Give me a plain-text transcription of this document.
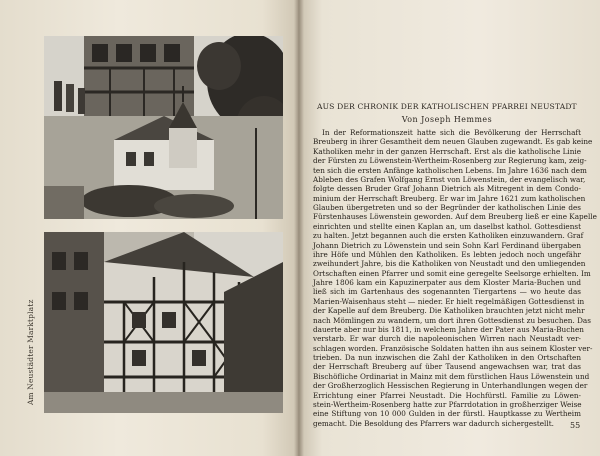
Am Neustädter Marktplatz
AUS DER CHRONIK DER KATHOLISCHEN PFARREI NEUSTADT
Von Joseph Hemmes
In der Reformationszeit hatte sich die Bevölkerung der Herrschaft
Breuberg in ihrer Gesamtheit dem neuen Glauben zugewandt. Es gab keine
Katholiken mehr in der ganzen Herrschaft. Erst als die katholische Linie
der Fürsten zu Löwenstein-Wertheim-Rosenberg zur Regierung kam, zeig-
ten sich die ersten Anfänge katholischen Lebens. Im Jahre 1636 nach dem
Ableben des Grafen Wolfgang Ernst von Löwenstein, der evangelisch war,
folgte dessen Bruder Graf Johann Dietrich als Mitregent in dem Condo-
minium der Herrschaft Breuberg. Er war im Jahre 1621 zum katholischen
Glauben übergetreten und so der Begründer der katholischen Linie des
Fürstenhauses Löwenstein geworden. Auf dem Breuberg ließ er eine Kapelle
einrichten und stellte einen Kaplan an, um daselbst kathol. Gottesdienst
zu halten. Jetzt begannen auch die ersten Katholiken einzuwandern. Graf
Johann Dietrich zu Löwenstein und sein Sohn Karl Ferdinand übergaben
ihre Höfe und Mühlen den Katholiken. Es lebten jedoch noch ungefähr
zweihundert Jahre, bis die Katholiken von Neustadt und den umliegenden
Ortschaften einen Pfarrer und somit eine geregelte Seelsorge erhielten. Im
Jahre 1806 kam ein Kapuzinerpater aus dem Kloster Maria-Buchen und
ließ sich im Gartenhaus des sogenannten Tiergartens — wo heute das
Marien-Waisenhaus steht — nieder. Er hielt regelmäßigen Gottesdienst in
der Kapelle auf dem Breuberg. Die Katholiken brauchten jetzt nicht mehr
nach Mömlingen zu wandern, um dort ihren Gottesdienst zu besuchen. Das
dauerte aber nur bis 1811, in welchem Jahre der Pater aus Maria-Buchen
verstarb. Er war durch die napoleonischen Wirren nach Neustadt ver-
schlagen worden. Französische Soldaten hatten ihn aus seinem Kloster ver-
trieben. Da nun inzwischen die Zahl der Katholiken in den Ortschaften
der Herrschaft Breuberg auf über Tausend angewachsen war, trat das
Bischöfliche Ordinariat in Mainz mit dem fürstlichen Haus Löwenstein und
der Großherzoglich Hessischen Regierung in Unterhandlungen wegen der
Errichtung einer Pfarrei Neustadt. Die Hochfürstl. Familie zu Löwen-
stein-Wertheim-Rosenberg hatte zur Pfarrdotation in großherziger Weise
eine Stiftung von 10 000 Gulden in der fürstl. Hauptkasse zu Wertheim
gemacht. Die Besoldung des Pfarrers war dadurch sichergestellt.	55
